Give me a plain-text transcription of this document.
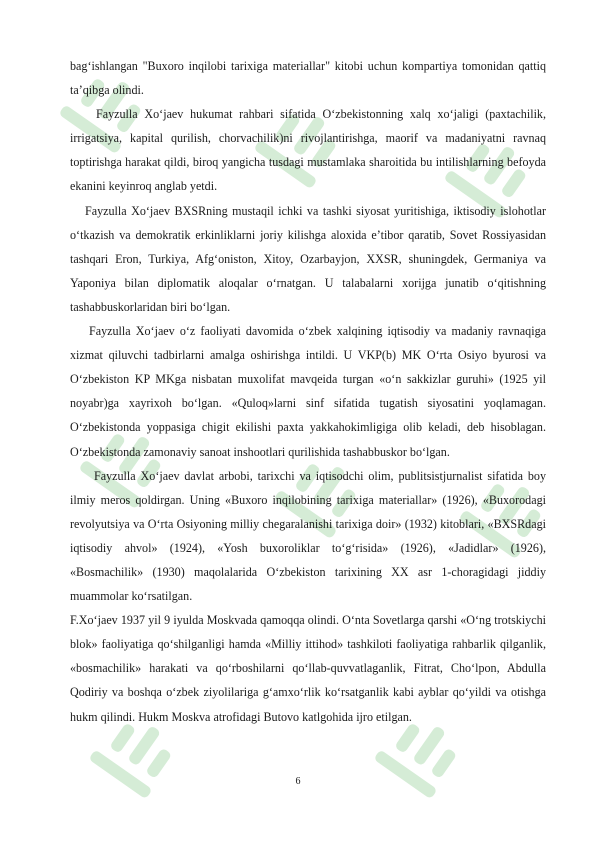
bag‘ishlangan "Buxoro inqilobi tarixiga materiallar" kitobi uchun kompartiya tomonidan qattiq ta’qibga olindi.

Fayzulla Xo‘jaev hukumat rahbari sifatida O‘zbekistonning xalq xo‘jaligi (paxtachilik, irrigatsiya, kapital qurilish, chorvachilik)ni rivojlantirishga, maorif va madaniyatni ravnaq toptirishga harakat qildi, biroq yangicha tusdagi mustamlaka sharoitida bu intilishlarning befoyda ekanini keyinroq anglab yetdi.

Fayzulla Xo‘jaev BXSRning mustaqil ichki va tashki siyosat yuritishiga, iktisodiy islohotlar o‘tkazish va demokratik erkinliklarni joriy kilishga aloxida e’tibor qaratib, Sovet Rossiyasidan tashqari Eron, Turkiya, Afg‘oniston, Xitoy, Ozarbayjon, XXSR, shuningdek, Germaniya va Yaponiya bilan diplomatik aloqalar o‘rnatgan. U talabalarni xorijga junatib o‘qitishning tashabbuskorlaridan biri bo‘lgan.

Fayzulla Xo‘jaev o‘z faoliyati davomida o‘zbek xalqining iqtisodiy va madaniy ravnaqiga xizmat qiluvchi tadbirlarni amalga oshirishga intildi. U VKP(b) MK O‘rta Osiyo byurosi va O‘zbekiston KP MKga nisbatan muxolifat mavqeida turgan «o‘n sakkizlar guruhi» (1925 yil noyabr)ga xayrixoh bo‘lgan. «Quloq»larni sinf sifatida tugatish siyosatini yoqlamagan. O‘zbekistonda yoppasiga chigit ekilishi paxta yakkahokimligiga olib keladi, deb hisoblagan. O‘zbekistonda zamonaviy sanoat inshootlari qurilishida tashabbuskor bo‘lgan.

Fayzulla Xo‘jaev davlat arbobi, tarixchi va iqtisodchi olim, publitsistjurnalist sifatida boy ilmiy meros qoldirgan. Uning «Buxoro inqilobining tarixiga materiallar» (1926), «Buxorodagi revolyutsiya va O‘rta Osiyoning milliy chegaralanishi tarixiga doir» (1932) kitoblari, «BXSRdagi iqtisodiy ahvol» (1924), «Yosh buxoroliklar to‘g‘risida» (1926), «Jadidlar» (1926), «Bosmachilik» (1930) maqolalarida O‘zbekiston tarixining XX asr 1-choragidagi jiddiy muammolar ko‘rsatilgan.

F.Xo‘jaev 1937 yil 9 iyulda Moskvada qamoqqa olindi. O‘nta Sovetlarga qarshi «O‘ng trotskiychi blok» faoliyatiga qo‘shilganligi hamda «Milliy ittihod» tashkiloti faoliyatiga rahbarlik qilganlik, «bosmachilik» harakati va qo‘rboshilarni qo‘llab-quvvatlaganlik, Fitrat, Cho‘lpon, Abdulla Qodiriy va boshqa o‘zbek ziyolilariga g‘amxo‘rlik ko‘rsatganlik kabi ayblar qo‘yildi va otishga hukm qilindi. Hukm Moskva atrofidagi Butovo katlgohida ijro etilgan.

6
